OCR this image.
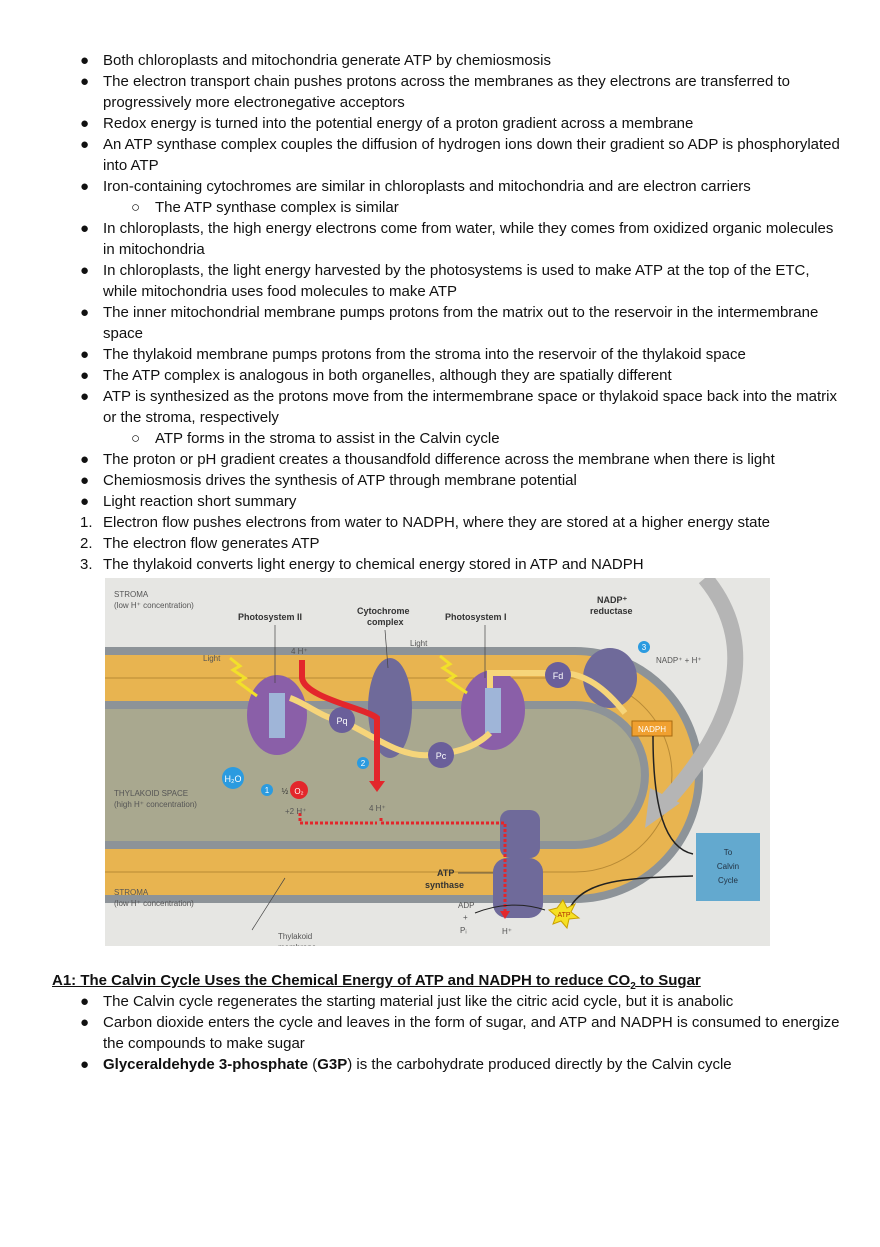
● Both chloroplasts and mitochondria generate ATP by chemiosmosis
● The electron transport chain pushes protons across the membranes as they electrons are transferred to progressively more electronegative acceptors
● Redox energy is turned into the potential energy of a proton gradient across a membrane
● An ATP synthase complex couples the diffusion of hydrogen ions down their gradient so ADP is phosphorylated into ATP
● Iron-containing cytochromes are similar in chloroplasts and mitochondria and are electron carriers
○ The ATP synthase complex is similar
● In chloroplasts, the high energy electrons come from water, while they comes from oxidized organic molecules in mitochondria
● In chloroplasts, the light energy harvested by the photosystems is used to make ATP at the top of the ETC, while mitochondria uses food molecules to make ATP
● The inner mitochondrial membrane pumps protons from the matrix out to the reservoir in the intermembrane space
● The thylakoid membrane pumps protons from the stroma into the reservoir of the thylakoid space
● The ATP complex is analogous in both organelles, although they are spatially different
● ATP is synthesized as the protons move from the intermembrane space or thylakoid space back into the matrix or the stroma, respectively
○ ATP forms in the stroma to assist in the Calvin cycle
● The proton or pH gradient creates a thousandfold difference across the membrane when there is light
● Chemiosmosis drives the synthesis of ATP through membrane potential
● Light reaction short summary
1. Electron flow pushes electrons from water to NADPH, where they are stored at a higher energy state
2. The electron flow generates ATP
3. The thylakoid converts light energy to chemical energy stored in ATP and NADPH
Pq
Pc
Fd
H₂O
O₂
½
1
2
3
NADPH
To
Calvin
Cycle
ATP
STROMA
(low H⁺ concentration)
THYLAKOID SPACE
(high H⁺ concentration)
STROMA
(low H⁺ concentration)
Light
Light
4 H⁺
NADP⁺ + H⁺
+2 H⁺	4 H⁺
Thylakoid
ADP
+
Pᵢ	H⁺
Photosystem II
Cytochrome
complex	Photosystem I
NADP⁺
reductase
ATP
synthase
A1: The Calvin Cycle Uses the Chemical Energy of ATP and NADPH to reduce $CO_2$ to Sugar
● The Calvin cycle regenerates the starting material just like the citric acid cycle, but it is anabolic
● Carbon dioxide enters the cycle and leaves in the form of sugar, and ATP and NADPH is consumed to energize the compounds to make sugar
● Glyceraldehyde 3-phosphate (G3P) is the carbohydrate produced directly by the Calvin cycle
